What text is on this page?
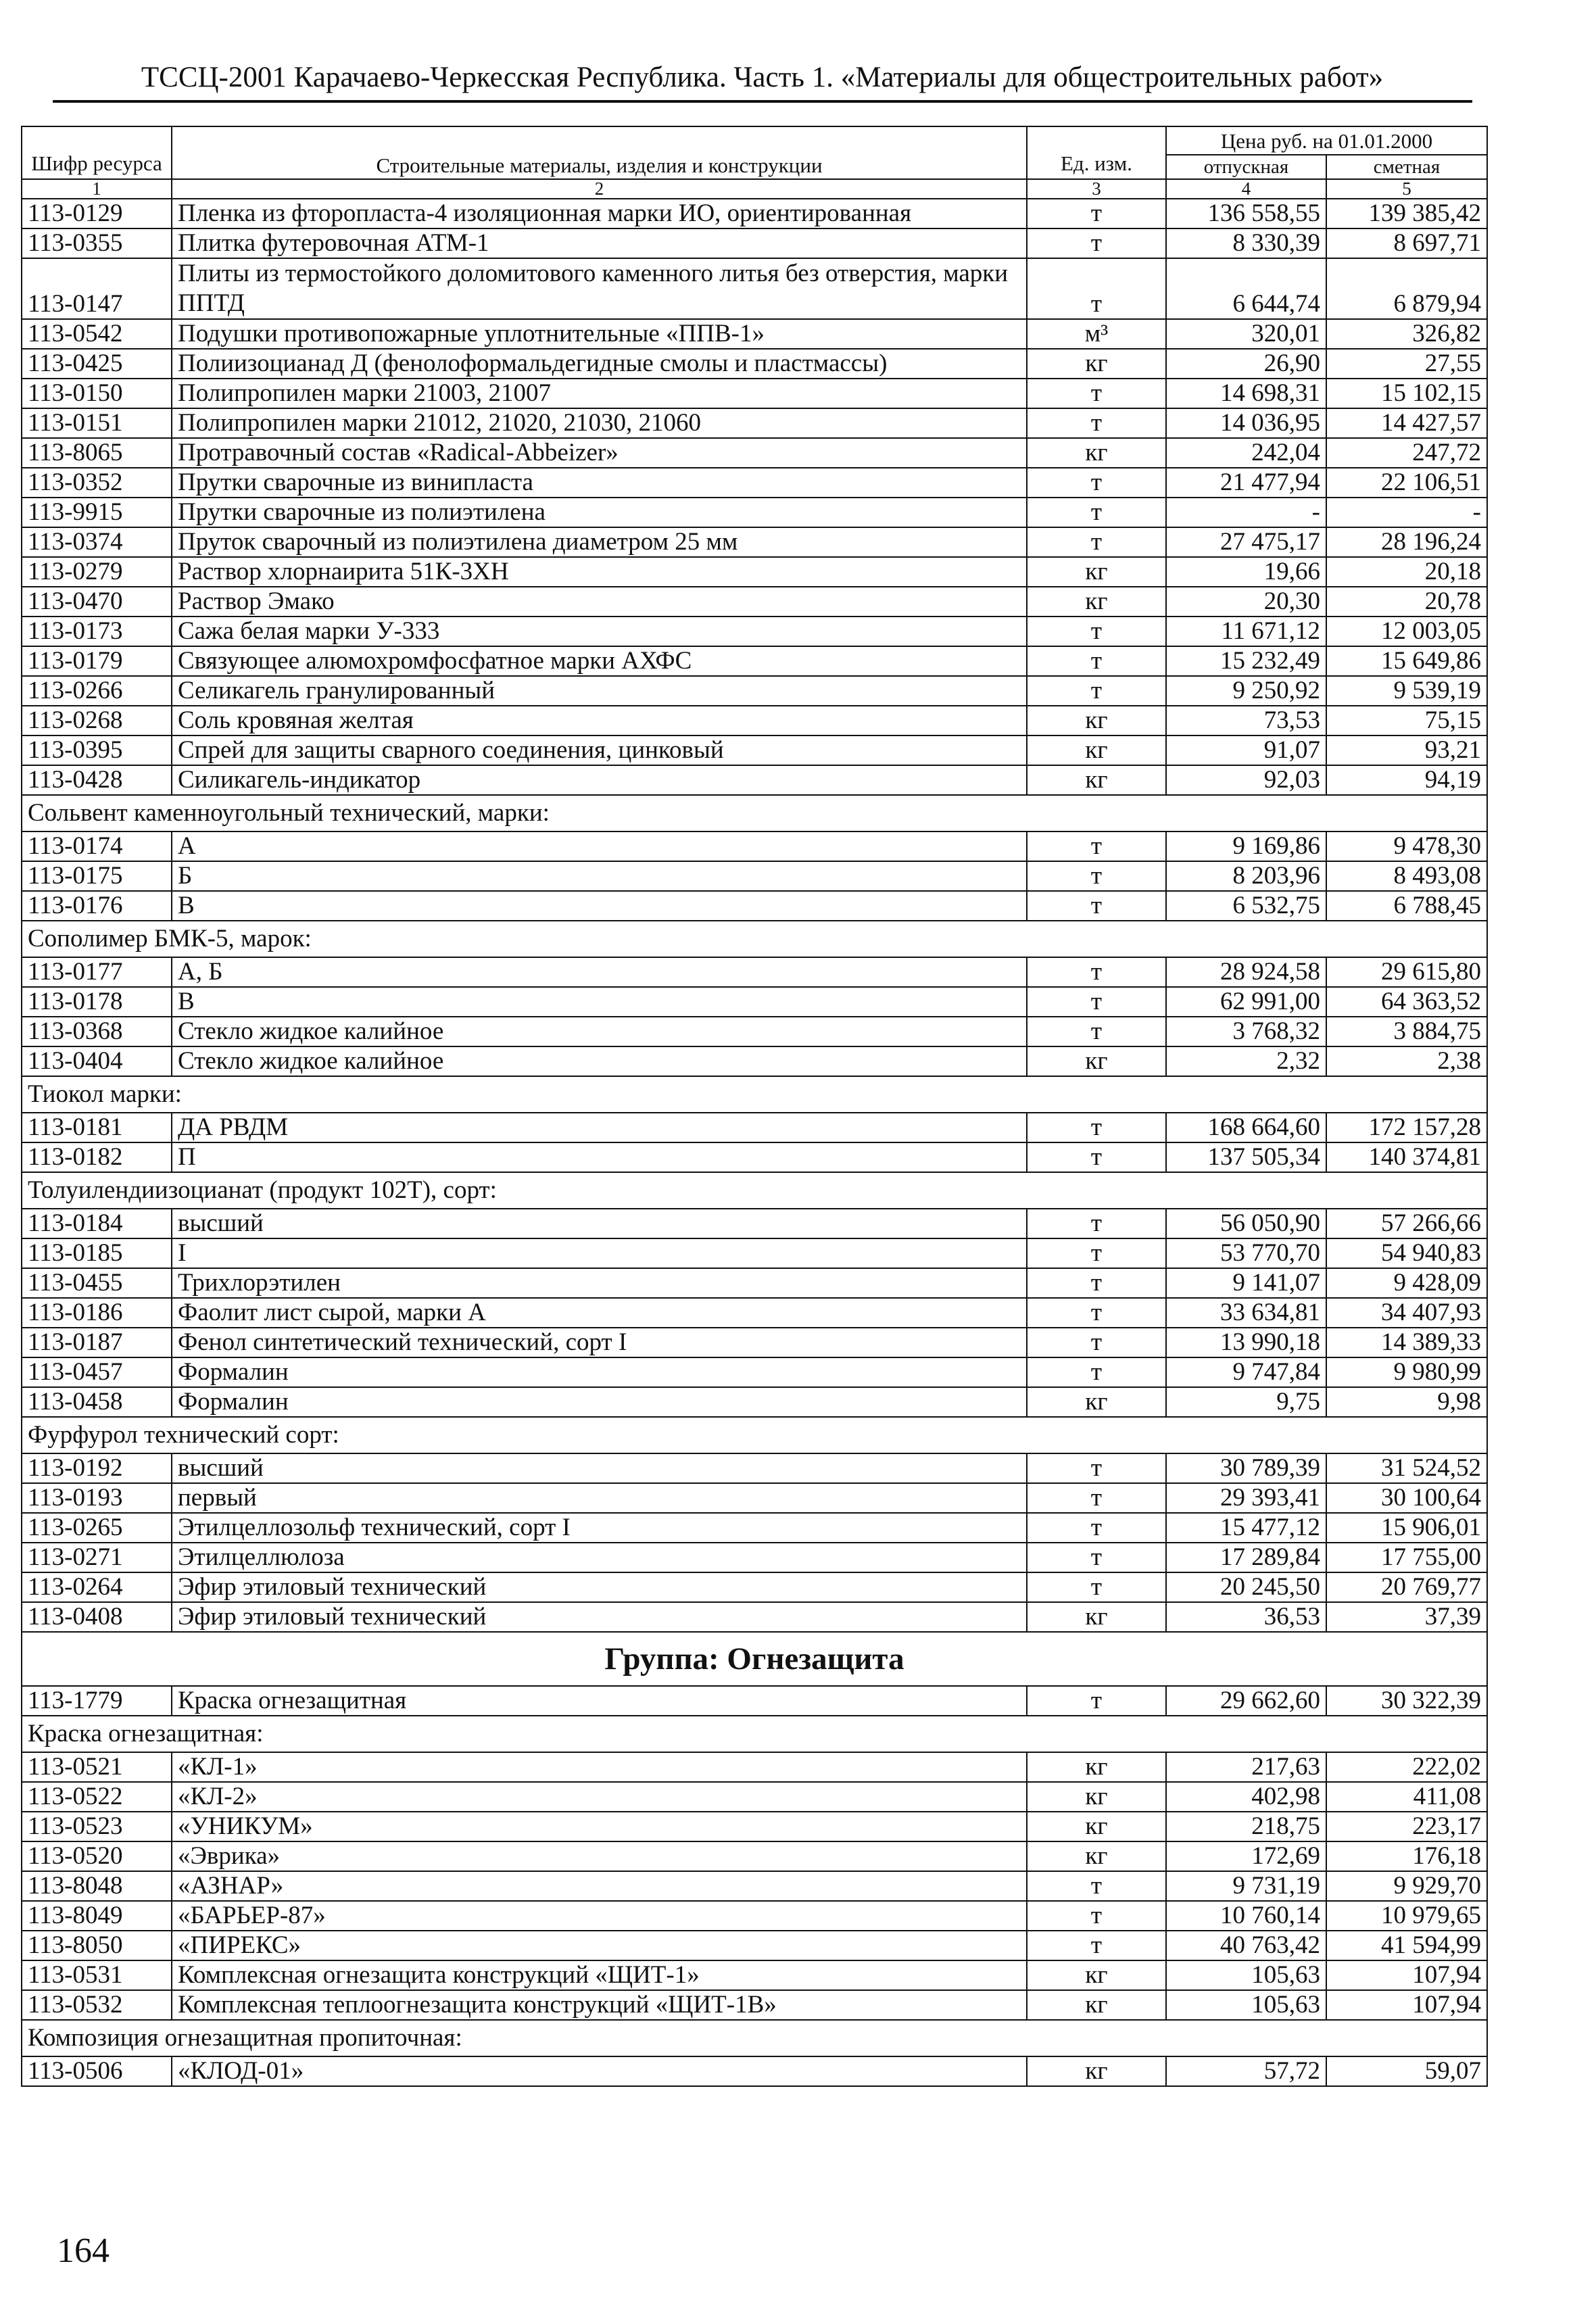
ТССЦ-2001 Карачаево-Черкесская Республика. Часть 1. «Материалы для общестроительных работ»
Шифр ресурса	Строительные материалы, изделия и конструкции	Ед. изм.	Цена руб. на 01.01.2000	
			отпускная	сметная
1	2	3	4	5
113-0129	Пленка из фторопласта-4 изоляционная марки ИО, ориентированная	т	136 558,55	139 385,42
113-0355	Плитка футеровочная АТМ-1	т	8 330,39	8 697,71
113-0147	Плиты из термостойкого доломитового каменного литья без отверстия, марки ППТД	т	6 644,74	6 879,94
113-0542	Подушки противопожарные уплотнительные «ППВ-1»	м³	320,01	326,82
113-0425	Полиизоцианад Д (фенолоформальдегидные смолы и пластмассы)	кг	26,90	27,55
113-0150	Полипропилен марки 21003, 21007	т	14 698,31	15 102,15
113-0151	Полипропилен марки 21012, 21020, 21030, 21060	т	14 036,95	14 427,57
113-8065	Протравочный состав «Radical-Abbeizer»	кг	242,04	247,72
113-0352	Прутки сварочные из винипласта	т	21 477,94	22 106,51
113-9915	Прутки сварочные из полиэтилена	т	-	-
113-0374	Пруток сварочный из полиэтилена диаметром 25 мм	т	27 475,17	28 196,24
113-0279	Раствор хлорнаирита 51К-3ХН	кг	19,66	20,18
113-0470	Раствор Эмако	кг	20,30	20,78
113-0173	Сажа белая марки У-333	т	11 671,12	12 003,05
113-0179	Связующее алюмохромфосфатное марки АХФС	т	15 232,49	15 649,86
113-0266	Селикагель гранулированный	т	9 250,92	9 539,19
113-0268	Соль кровяная желтая	кг	73,53	75,15
113-0395	Спрей для защиты сварного соединения, цинковый	кг	91,07	93,21
113-0428	Силикагель-индикатор	кг	92,03	94,19
Сольвент каменноугольный технический, марки:				
113-0174	А	т	9 169,86	9 478,30
113-0175	Б	т	8 203,96	8 493,08
113-0176	В	т	6 532,75	6 788,45
Сополимер БМК-5, марок:				
113-0177	А, Б	т	28 924,58	29 615,80
113-0178	В	т	62 991,00	64 363,52
113-0368	Стекло жидкое калийное	т	3 768,32	3 884,75
113-0404	Стекло жидкое калийное	кг	2,32	2,38
Тиокол марки:				
113-0181	ДА РВДМ	т	168 664,60	172 157,28
113-0182	П	т	137 505,34	140 374,81
Толуилендиизоцианат (продукт 102Т), сорт:				
113-0184	высший	т	56 050,90	57 266,66
113-0185	I	т	53 770,70	54 940,83
113-0455	Трихлорэтилен	т	9 141,07	9 428,09
113-0186	Фаолит лист сырой, марки А	т	33 634,81	34 407,93
113-0187	Фенол синтетический технический, сорт I	т	13 990,18	14 389,33
113-0457	Формалин	т	9 747,84	9 980,99
113-0458	Формалин	кг	9,75	9,98
Фурфурол технический сорт:				
113-0192	высший	т	30 789,39	31 524,52
113-0193	первый	т	29 393,41	30 100,64
113-0265	Этилцеллозольф технический, сорт I	т	15 477,12	15 906,01
113-0271	Этилцеллюлоза	т	17 289,84	17 755,00
113-0264	Эфир этиловый технический	т	20 245,50	20 769,77
113-0408	Эфир этиловый технический	кг	36,53	37,39
Группа: Огнезащита				
113-1779	Краска огнезащитная	т	29 662,60	30 322,39
Краска огнезащитная:				
113-0521	«КЛ-1»	кг	217,63	222,02
113-0522	«КЛ-2»	кг	402,98	411,08
113-0523	«УНИКУМ»	кг	218,75	223,17
113-0520	«Эврика»	кг	172,69	176,18
113-8048	«АЗНАР»	т	9 731,19	9 929,70
113-8049	«БАРЬЕР-87»	т	10 760,14	10 979,65
113-8050	«ПИРЕКС»	т	40 763,42	41 594,99
113-0531	Комплексная огнезащита конструкций «ЩИТ-1»	кг	105,63	107,94
113-0532	Комплексная теплоогнезащита конструкций «ЩИТ-1В»	кг	105,63	107,94
Композиция огнезащитная пропиточная:				
113-0506	«КЛОД-01»	кг	57,72	59,07
164
